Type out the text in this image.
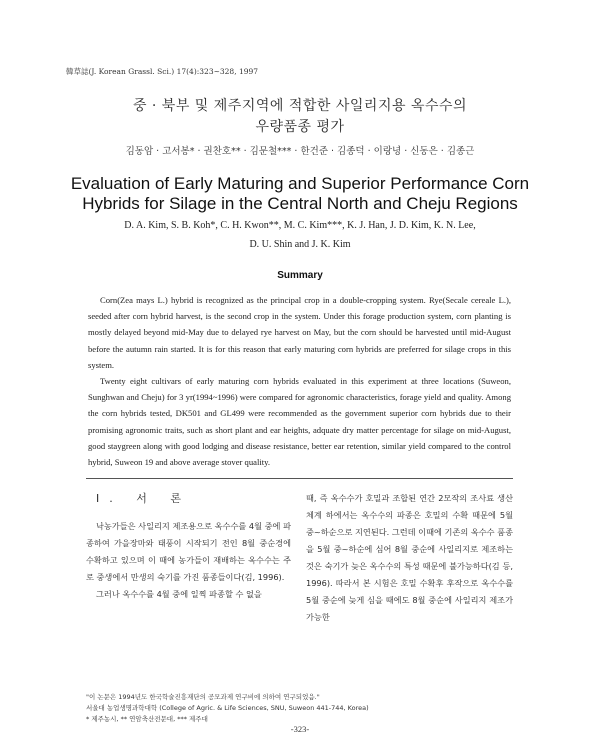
韓草誌(J. Korean Grassl. Sci.) 17(4):323~328, 1997
중 · 북부 및 제주지역에 적합한 사일리지용 옥수수의
우량품종 평가
김동암 · 고서봉* · 권찬호** · 김문철*** · 한건준 · 김종덕 · 이랑녕 · 신동은 · 김종근
Evaluation of Early Maturing and Superior Performance Corn
Hybrids for Silage in the Central North and Cheju Regions
D. A. Kim, S. B. Koh*, C. H. Kwon**, M. C. Kim***, K. J. Han, J. D. Kim, K. N. Lee,
D. U. Shin and J. K. Kim
Summary

Corn(Zea mays L.) hybrid is recognized as the principal crop in a double-cropping system. Rye(Secale cereale L.), seeded after corn hybrid harvest, is the second crop in the system. Under this forage production system, corn planting is mostly delayed beyond mid-May due to delayed rye harvest on May, but the corn should be harvested until mid-August before the autumn rain started. It is for this reason that early maturing corn hybrids are preferred for silage crops in this system.

Twenty eight cultivars of early maturing corn hybrids evaluated in this experiment at three locations (Suweon, Sunghwan and Cheju) for 3 yr(1994~1996) were compared for agronomic characteristics, forage yield and quality. Among the corn hybrids tested, DK501 and GL499 were recommended as the government superior corn hybrids due to their promising agronomic traits, such as short plant and ear heights, adquate dry matter percentage for silage on mid-August, good staygreen along with good lodging and disease resistance, better ear retention, similar yield compared to the control hybrid, Suweon 19 and above average stover quality.

I. 서 론

낙농가들은 사일리지 제조용으로 옥수수를 4월 중에 파종하여 가을장마와 태풍이 시작되기 전인 8월 중순경에 수확하고 있으며 이 때에 농가들이 재배하는 옥수수는 주로 중생에서 만생의 숙기를 가진 품종들이다(김, 1996).

그러나 옥수수를 4월 중에 일찍 파종할 수 없을

때, 즉 옥수수가 호밀과 조합된 연간 2모작의 조사료 생산체계 하에서는 옥수수의 파종은 호밀의 수확 때문에 5월 중~하순으로 지연된다. 그런데 이때에 기존의 옥수수 품종을 5월 중~하순에 심어 8월 중순에 사일리지로 제조하는 것은 숙기가 늦은 옥수수의 특성 때문에 불가능하다(김 등, 1996). 따라서 본 시험은 호밀 수확후 후작으로 옥수수를 5월 중순에 늦게 심을 때에도 8월 중순에 사일리지 제조가 가능한

"이 논문은 1994년도 한국학술진흥재단의 공모과제 연구비에 의하여 연구되었음."
서울대 농업생명과학대학 (College of Agric. & Life Sciences, SNU, Suweon 441-744, Korea)
* 제주농시, ** 연암축산전문대, *** 제주대
-323-
